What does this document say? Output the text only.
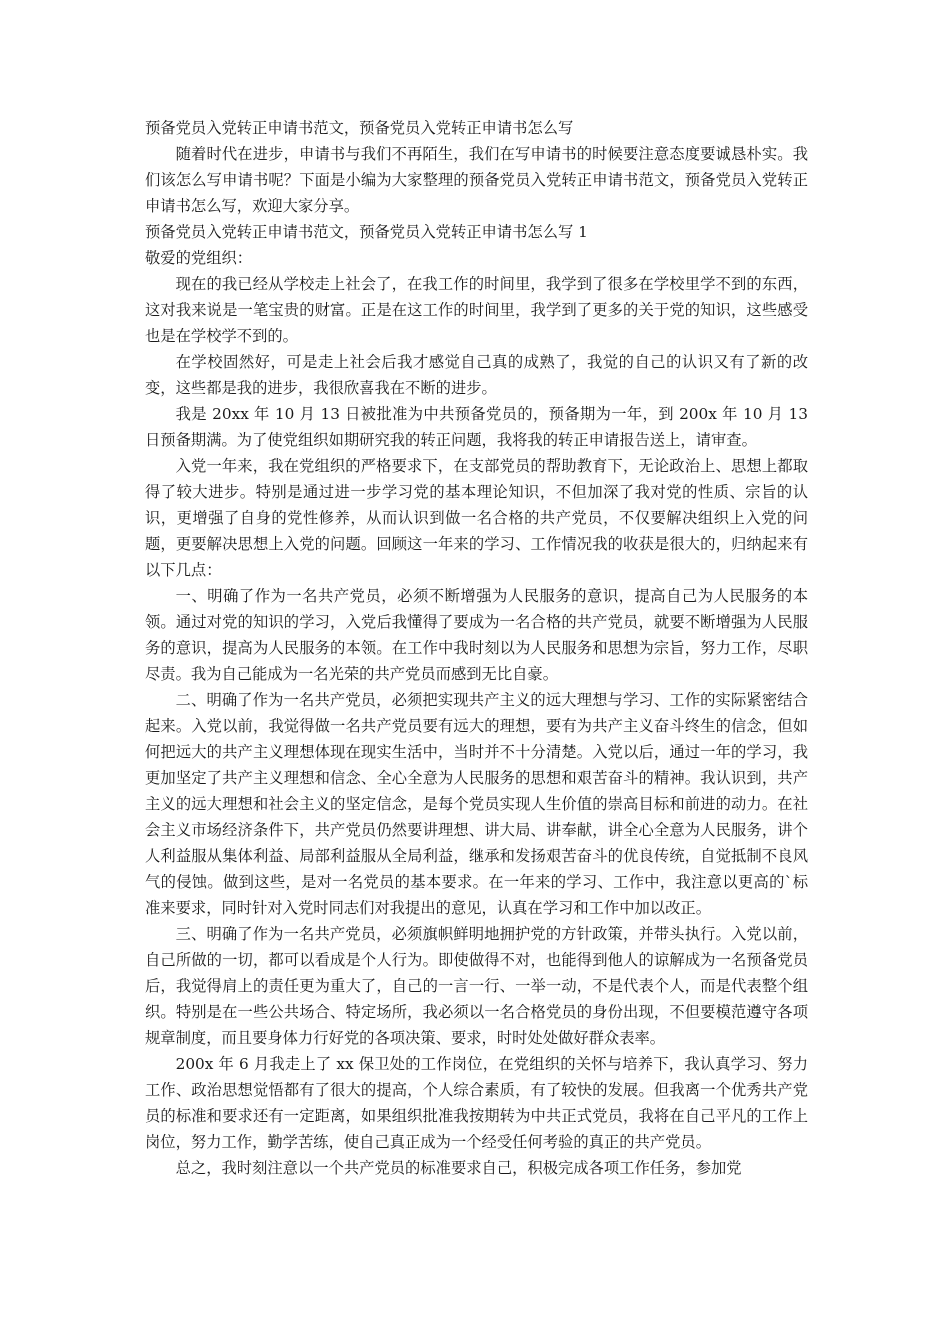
预备党员入党转正申请书范文，预备党员入党转正申请书怎么写

随着时代在进步，申请书与我们不再陌生，我们在写申请书的时候要注意态度要诚恳朴实。我们该怎么写申请书呢？下面是小编为大家整理的预备党员入党转正申请书范文，预备党员入党转正申请书怎么写，欢迎大家分享。

预备党员入党转正申请书范文，预备党员入党转正申请书怎么写 1

敬爱的党组织：

现在的我已经从学校走上社会了，在我工作的时间里，我学到了很多在学校里学不到的东西，这对我来说是一笔宝贵的财富。正是在这工作的时间里，我学到了更多的关于党的知识，这些感受也是在学校学不到的。

在学校固然好，可是走上社会后我才感觉自己真的成熟了，我觉的自己的认识又有了新的改变，这些都是我的进步，我很欣喜我在不断的进步。

我是 20xx 年 10 月 13 日被批准为中共预备党员的，预备期为一年，到 200x 年 10 月 13 日预备期满。为了使党组织如期研究我的转正问题，我将我的转正申请报告送上，请审查。

入党一年来，我在党组织的严格要求下，在支部党员的帮助教育下，无论政治上、思想上都取得了较大进步。特别是通过进一步学习党的基本理论知识，不但加深了我对党的性质、宗旨的认识，更增强了自身的党性修养，从而认识到做一名合格的共产党员，不仅要解决组织上入党的问题，更要解决思想上入党的问题。回顾这一年来的学习、工作情况我的收获是很大的，归纳起来有以下几点：

一、明确了作为一名共产党员，必须不断增强为人民服务的意识，提高自己为人民服务的本领。通过对党的知识的学习，入党后我懂得了要成为一名合格的共产党员，就要不断增强为人民服务的意识，提高为人民服务的本领。在工作中我时刻以为人民服务和思想为宗旨，努力工作，尽职尽责。我为自己能成为一名光荣的共产党员而感到无比自豪。

二、明确了作为一名共产党员，必须把实现共产主义的远大理想与学习、工作的实际紧密结合起来。入党以前，我觉得做一名共产党员要有远大的理想，要有为共产主义奋斗终生的信念，但如何把远大的共产主义理想体现在现实生活中，当时并不十分清楚。入党以后，通过一年的学习，我更加坚定了共产主义理想和信念、全心全意为人民服务的思想和艰苦奋斗的精神。我认识到，共产主义的远大理想和社会主义的坚定信念，是每个党员实现人生价值的崇高目标和前进的动力。在社会主义市场经济条件下，共产党员仍然要讲理想、讲大局、讲奉献，讲全心全意为人民服务，讲个人利益服从集体利益、局部利益服从全局利益，继承和发扬艰苦奋斗的优良传统，自觉抵制不良风气的侵蚀。做到这些，是对一名党员的基本要求。在一年来的学习、工作中，我注意以更高的`标准来要求，同时针对入党时同志们对我提出的意见，认真在学习和工作中加以改正。

三、明确了作为一名共产党员，必须旗帜鲜明地拥护党的方针政策，并带头执行。入党以前，自己所做的一切，都可以看成是个人行为。即使做得不对，也能得到他人的谅解成为一名预备党员后，我觉得肩上的责任更为重大了，自己的一言一行、一举一动，不是代表个人，而是代表整个组织。特别是在一些公共场合、特定场所，我必须以一名合格党员的身份出现，不但要模范遵守各项规章制度，而且要身体力行好党的各项决策、要求，时时处处做好群众表率。

200x 年 6 月我走上了 xx 保卫处的工作岗位，在党组织的关怀与培养下，我认真学习、努力工作、政治思想觉悟都有了很大的提高，个人综合素质，有了较快的发展。但我离一个优秀共产党员的标准和要求还有一定距离，如果组织批准我按期转为中共正式党员，我将在自己平凡的工作上岗位，努力工作，勤学苦练，使自己真正成为一个经受任何考验的真正的共产党员。

总之，我时刻注意以一个共产党员的标准要求自己，积极完成各项工作任务，参加党
